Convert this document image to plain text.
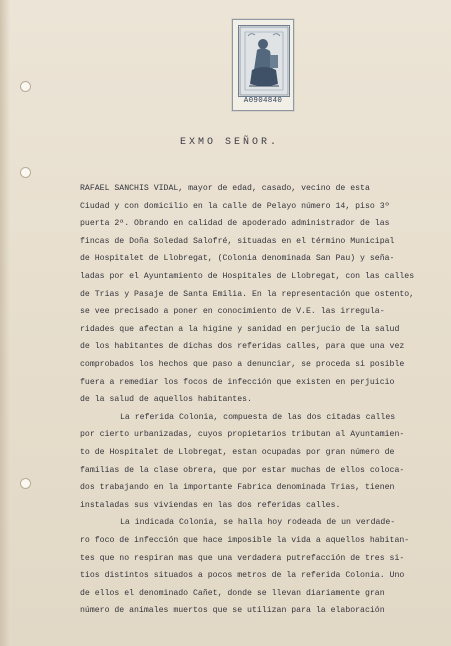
A0904840
EXMO SEÑOR.
RAFAEL SANCHIS VIDAL, mayor de edad, casado, vecino de esta
Ciudad y con domicilio en la calle de Pelayo número 14, piso 3º
puerta 2ª. Obrando en calidad de apoderado administrador de las
fincas de Doña Soledad Salofré, situadas en el término Municipal
de Hospitalet de Llobregat, (Colonia denominada San Pau) y seña-
ladas por el Ayuntamiento de Hospitales de Llobregat, con las calles
de Trias y Pasaje de Santa Emilia. En la representación que ostento,
se vee precisado a poner en conocimiento de V.E. las irregula-
ridades que afectan a la higine y sanidad en perjucio de la salud
de los habitantes de dichas dos referidas calles, para que una vez
comprobados los hechos que paso a denunciar, se proceda si posible
fuera a remediar los focos de infección que existen en perjuicio
de la salud de aquellos habitantes.
La referida Colonia, compuesta de las dos citadas calles
por cierto urbanizadas, cuyos propietarios tributan al Ayuntamien-
to de Hospitalet de Llobregat, estan ocupadas por gran número de
familias de la clase obrera, que por estar muchas de ellos coloca-
dos trabajando en la importante Fabrica denominada Trias, tienen
instaladas sus viviendas en las dos referidas calles.
La indicada Colonia, se halla hoy rodeada de un verdade-
ro foco de infección que hace imposible la vida a aquellos habitan-
tes que no respiran mas que una verdadera putrefacción de tres si-
tios distintos situados a pocos metros de la referida Colonia. Uno
de ellos el denominado Cañet, donde se llevan diariamente gran
número de animales muertos que se utilizan para la elaboración
